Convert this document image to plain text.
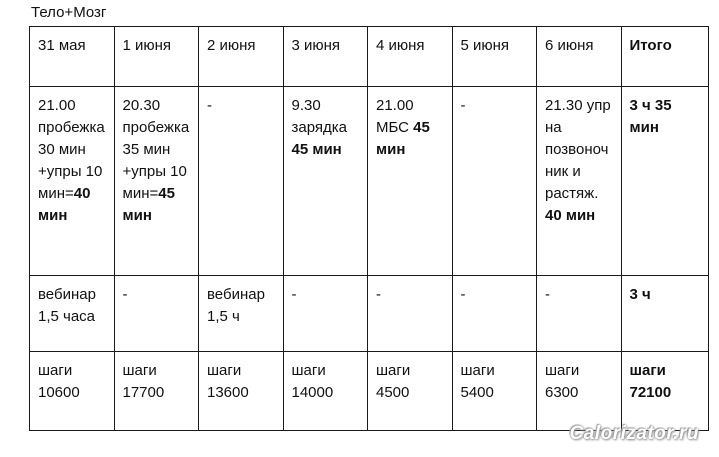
Тело+Мозг
31 мая	1 июня	2 июня	3 июня	4 июня	5 июня	6 июня	Итого
21.00 пробежка 30 мин +упры 10 мин=40 мин	20.30 пробежка 35 мин +упры 10 мин=45 мин	-	9.30 зарядка 45 мин	21.00 МБС 45 мин	-	21.30 упр на позвоночник и растяж. 40 мин	3 ч 35 мин
вебинар 1,5 часа	-	вебинар 1,5 ч	-	-	-	-	3 ч
шаги 10600	шаги 17700	шаги 13600	шаги 14000	шаги 4500	шаги 5400	шаги 6300	шаги 72100
Calorizator.ru
